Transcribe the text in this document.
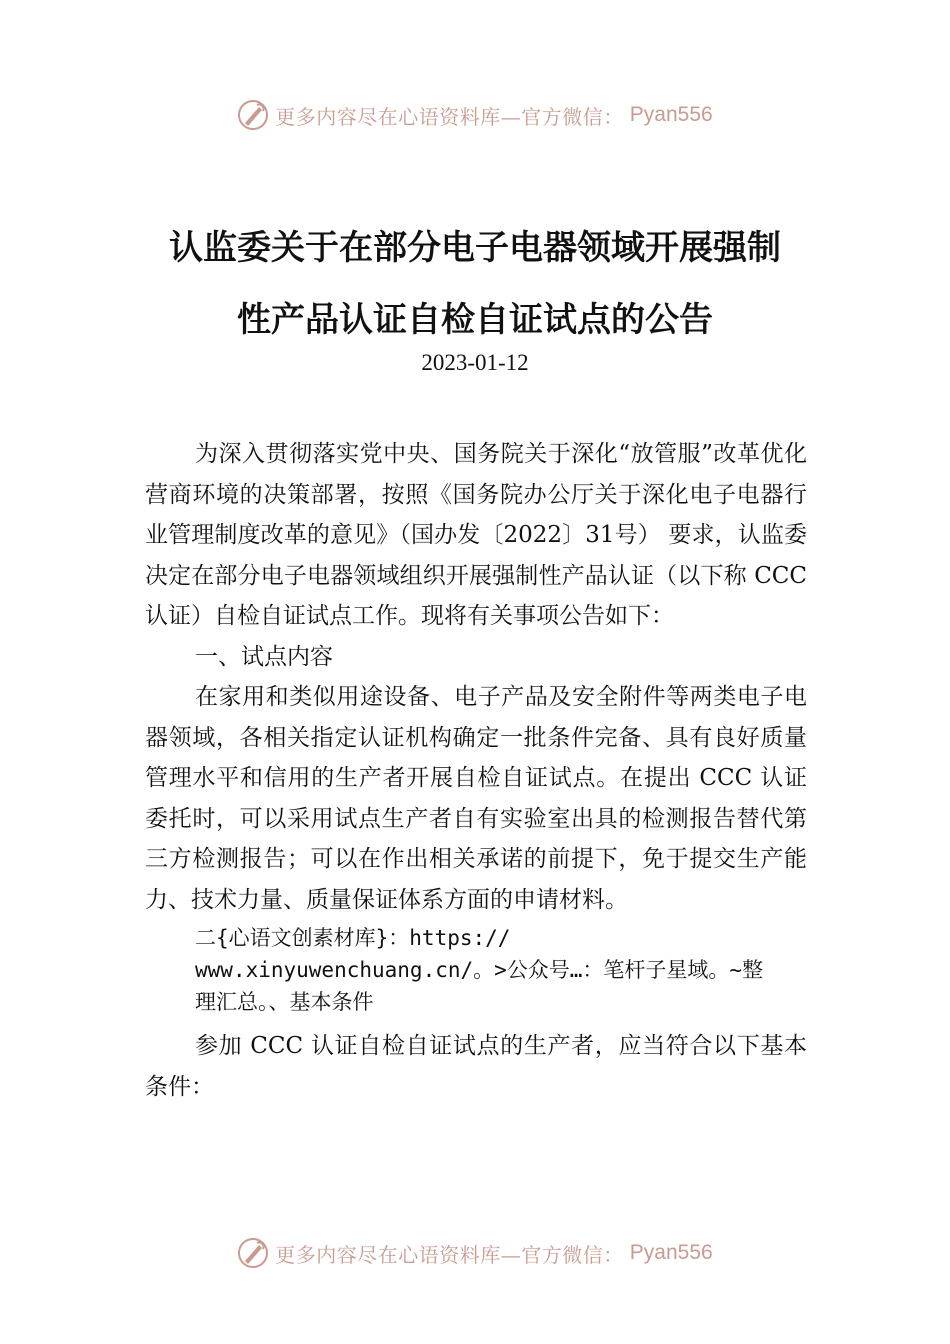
更多内容尽在心语资料库—官方微信： Pyan556
认监委关于在部分电子电器领域开展强制
性产品认证自检自证试点的公告
2023-01-12

为深入贯彻落实党中央、国务院关于深化“放管服”改革优化营商环境的决策部署，按照《国务院办公厅关于深化电子电器行业管理制度改革的意见》（国办发〔2022〕31号） 要求，认监委决定在部分电子电器领域组织开展强制性产品认证（以下称 CCC 认证）自检自证试点工作。现将有关事项公告如下：

一、试点内容

在家用和类似用途设备、电子产品及安全附件等两类电子电器领域，各相关指定认证机构确定一批条件完备、具有良好质量管理水平和信用的生产者开展自检自证试点。在提出 CCC 认证委托时，可以采用试点生产者自有实验室出具的检测报告替代第三方检测报告；可以在作出相关承诺的前提下，免于提交生产能力、技术力量、质量保证体系方面的申请材料。

二{心语文创素材库}：https://
www.xinyuwenchuang.cn/。>公众号…：笔杆子星域。~整
理汇总。、基本条件

参加 CCC 认证自检自证试点的生产者，应当符合以下基本条件：

更多内容尽在心语资料库—官方微信： Pyan556
